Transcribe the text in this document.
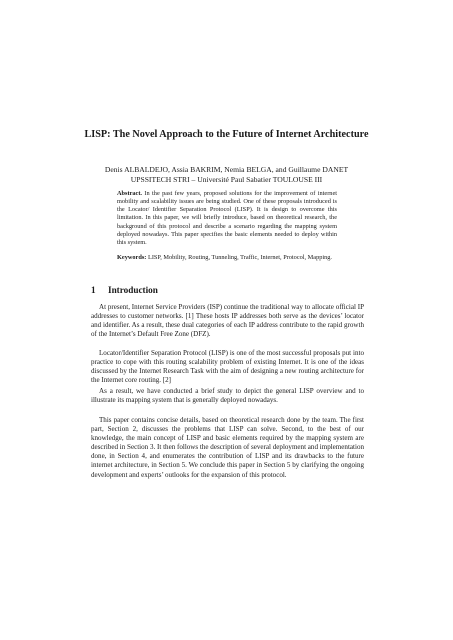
LISP: The Novel Approach to the Future of Internet Architecture
Denis ALBALDEJO, Assia BAKRIM, Nemia BELGA, and Guillaume DANET
UPSSITECH STRI – Université Paul Sabatier TOULOUSE III
Abstract. In the past few years, proposed solutions for the improvement of internet mobility and scalability issues are being studied. One of these proposals introduced is the Locator/ Identifier Separation Protocol (LISP). It is design to overcome this limitation. In this paper, we will briefly introduce, based on theoretical research, the background of this protocol and describe a scenario regarding the mapping system deployed nowadays. This paper specifies the basic elements needed to deploy within this system.
Keywords: LISP, Mobility, Routing, Tunneling, Traffic, Internet, Protocol, Mapping.
1 Introduction

At present, Internet Service Providers (ISP) continue the traditional way to allocate official IP addresses to customer networks. [1] These hosts IP addresses both serve as the devices’ locator and identifier. As a result, these dual categories of each IP address contribute to the rapid growth of the Internet’s Default Free Zone (DFZ).

Locator/Identifier Separation Protocol (LISP) is one of the most successful proposals put into practice to cope with this routing scalability problem of existing Internet. It is one of the ideas discussed by the Internet Research Task with the aim of designing a new routing architecture for the Internet core routing. [2]

As a result, we have conducted a brief study to depict the general LISP overview and to illustrate its mapping system that is generally deployed nowadays.

This paper contains concise details, based on theoretical research done by the team. The first part, Section 2, discusses the problems that LISP can solve. Second, to the best of our knowledge, the main concept of LISP and basic elements required by the mapping system are described in Section 3. It then follows the description of several deployment and implementation done, in Section 4, and enumerates the contribution of LISP and its drawbacks to the future internet architecture, in Section 5. We conclude this paper in Section 5 by clarifying the ongoing development and experts’ outlooks for the expansion of this protocol.
